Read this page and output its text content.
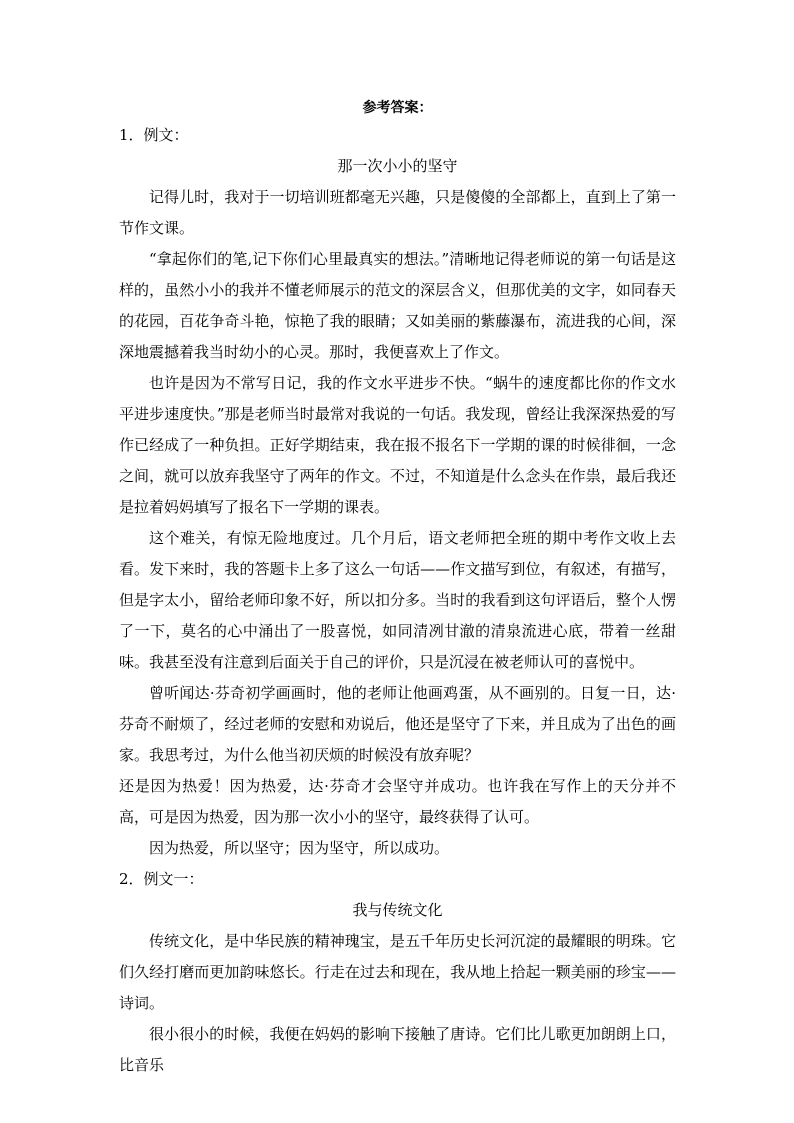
参考答案：
1．例文：
那一次小小的坚守

记得儿时，我对于一切培训班都毫无兴趣，只是傻傻的全部都上，直到上了第一节作文课。

“拿起你们的笔,记下你们心里最真实的想法。”清晰地记得老师说的第一句话是这样的，虽然小小的我并不懂老师展示的范文的深层含义，但那优美的文字，如同春天的花园，百花争奇斗艳，惊艳了我的眼睛；又如美丽的紫藤瀑布，流进我的心间，深深地震撼着我当时幼小的心灵。那时，我便喜欢上了作文。

也许是因为不常写日记，我的作文水平进步不快。“蜗牛的速度都比你的作文水平进步速度快。”那是老师当时最常对我说的一句话。我发现，曾经让我深深热爱的写作已经成了一种负担。正好学期结束，我在报不报名下一学期的课的时候徘徊，一念之间，就可以放弃我坚守了两年的作文。不过，不知道是什么念头在作祟，最后我还是拉着妈妈填写了报名下一学期的课表。

这个难关，有惊无险地度过。几个月后，语文老师把全班的期中考作文收上去看。发下来时，我的答题卡上多了这么一句话——作文描写到位，有叙述，有描写，但是字太小，留给老师印象不好，所以扣分多。当时的我看到这句评语后，整个人愣了一下，莫名的心中涌出了一股喜悦，如同清冽甘澈的清泉流进心底，带着一丝甜味。我甚至没有注意到后面关于自己的评价，只是沉浸在被老师认可的喜悦中。

曾听闻达·芬奇初学画画时，他的老师让他画鸡蛋，从不画别的。日复一日，达·芬奇不耐烦了，经过老师的安慰和劝说后，他还是坚守了下来，并且成为了出色的画家。我思考过，为什么他当初厌烦的时候没有放弃呢？

还是因为热爱！因为热爱，达·芬奇才会坚守并成功。也许我在写作上的天分并不高，可是因为热爱，因为那一次小小的坚守，最终获得了认可。

因为热爱，所以坚守；因为坚守，所以成功。

2．例文一：
我与传统文化

传统文化，是中华民族的精神瑰宝，是五千年历史长河沉淀的最耀眼的明珠。它们久经打磨而更加韵味悠长。行走在过去和现在，我从地上拾起一颗美丽的珍宝——诗词。

很小很小的时候，我便在妈妈的影响下接触了唐诗。它们比儿歌更加朗朗上口，比音乐
